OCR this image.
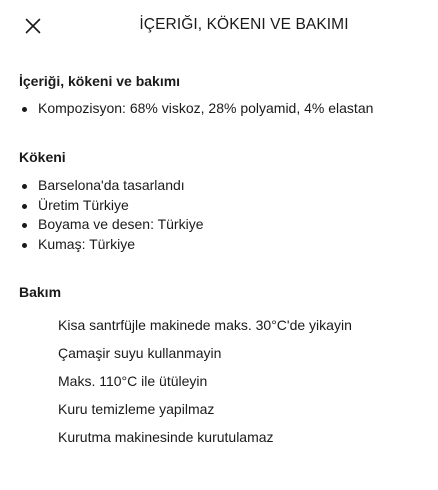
İÇERIĞI, KÖKENI VE BAKIMI
İçeriği, kökeni ve bakımı
Kompozisyon: 68% viskoz, 28% polyamid, 4% elastan
Kökeni
Barselona'da tasarlandı
Üretim Türkiye
Boyama ve desen: Türkiye
Kumaş: Türkiye
Bakım
Kisa santrfüjle makinede maks. 30°C'de yikayin
Çamaşir suyu kullanmayin
Maks. 110°C ile ütüleyin
Kuru temizleme yapilmaz
Kurutma makinesinde kurutulamaz
